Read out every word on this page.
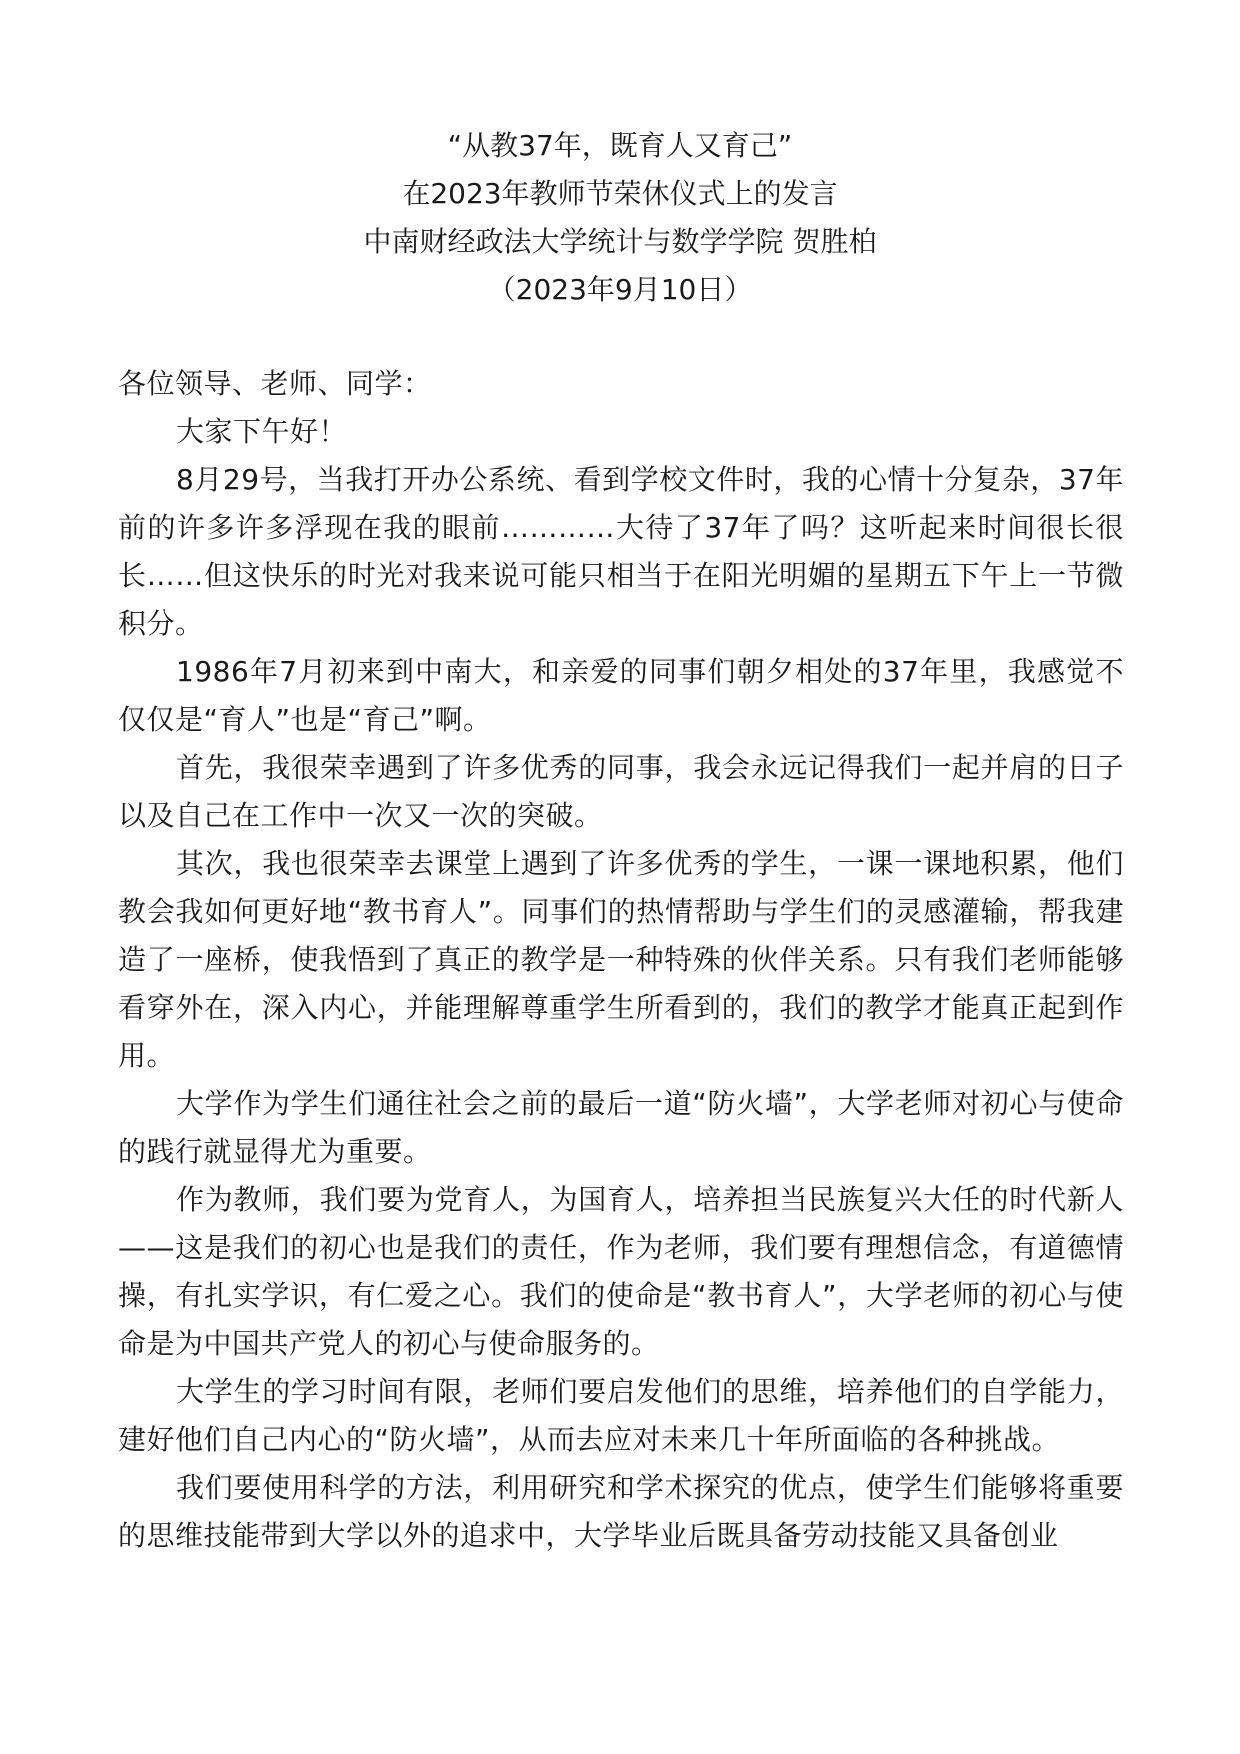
“从教37年，既育人又育己”
在2023年教师节荣休仪式上的发言
中南财经政法大学统计与数学学院 贺胜柏
（2023年9月10日）

各位领导、老师、同学：

大家下午好！

8月29号，当我打开办公系统、看到学校文件时，我的心情十分复杂，37年前的许多许多浮现在我的眼前…………大待了37年了吗？这听起来时间很长很长……但这快乐的时光对我来说可能只相当于在阳光明媚的星期五下午上一节微积分。

1986年7月初来到中南大，和亲爱的同事们朝夕相处的37年里，我感觉不仅仅是“育人”也是“育己”啊。

首先，我很荣幸遇到了许多优秀的同事，我会永远记得我们一起并肩的日子以及自己在工作中一次又一次的突破。

其次，我也很荣幸去课堂上遇到了许多优秀的学生，一课一课地积累，他们教会我如何更好地“教书育人”。同事们的热情帮助与学生们的灵感灌输，帮我建造了一座桥，使我悟到了真正的教学是一种特殊的伙伴关系。只有我们老师能够看穿外在，深入内心，并能理解尊重学生所看到的，我们的教学才能真正起到作用。

大学作为学生们通往社会之前的最后一道“防火墙”，大学老师对初心与使命的践行就显得尤为重要。

作为教师，我们要为党育人，为国育人，培养担当民族复兴大任的时代新人——这是我们的初心也是我们的责任，作为老师，我们要有理想信念，有道德情操，有扎实学识，有仁爱之心。我们的使命是“教书育人”，大学老师的初心与使命是为中国共产党人的初心与使命服务的。

大学生的学习时间有限，老师们要启发他们的思维，培养他们的自学能力，建好他们自己内心的“防火墙”，从而去应对未来几十年所面临的各种挑战。

我们要使用科学的方法，利用研究和学术探究的优点，使学生们能够将重要的思维技能带到大学以外的追求中，大学毕业后既具备劳动技能又具备创业
